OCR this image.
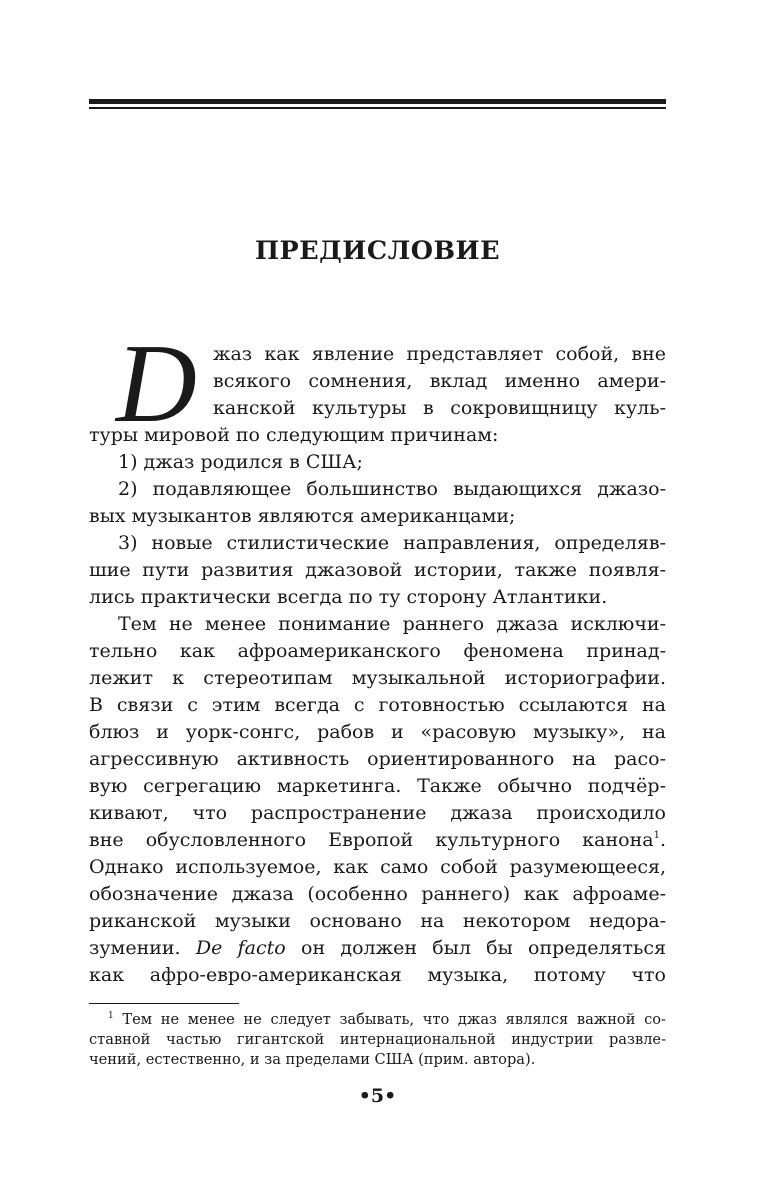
ПРЕДИСЛОВИЕ
D жаз как явление представляет собой, вне
всякого сомнения, вклад именно амери-
канской культуры в сокровищницу куль-
туры мировой по следующим причинам:
1) джаз родился в США;
2) подавляющее большинство выдающихся джазо-
вых музыкантов являются американцами;
3) новые стилистические направления, определяв-
шие пути развития джазовой истории, также появля-
лись практически всегда по ту сторону Атлантики.
Тем не менее понимание раннего джаза исключи-
тельно как афроамериканского феномена принад-
лежит к стереотипам музыкальной историографии.
В связи с этим всегда с готовностью ссылаются на
блюз и уорк-сонгс, рабов и «расовую музыку», на
агрессивную активность ориентированного на расо-
вую сегрегацию маркетинга. Также обычно подчёр-
кивают, что распространение джаза происходило
вне обусловленного Европой культурного канона$^1$.
Однако используемое, как само собой разумеющееся,
обозначение джаза (особенно раннего) как афроаме-
риканской музыки основано на некотором недора-
зумении. De facto он должен был бы определяться
как афро-евро-американская музыка, потому что
$^1$ Тем не менее не следует забывать, что джаз являлся важной со-
ставной частью гигантской интернациональной индустрии развле-
чений, естественно, и за пределами США (прим. автора).
•5•
